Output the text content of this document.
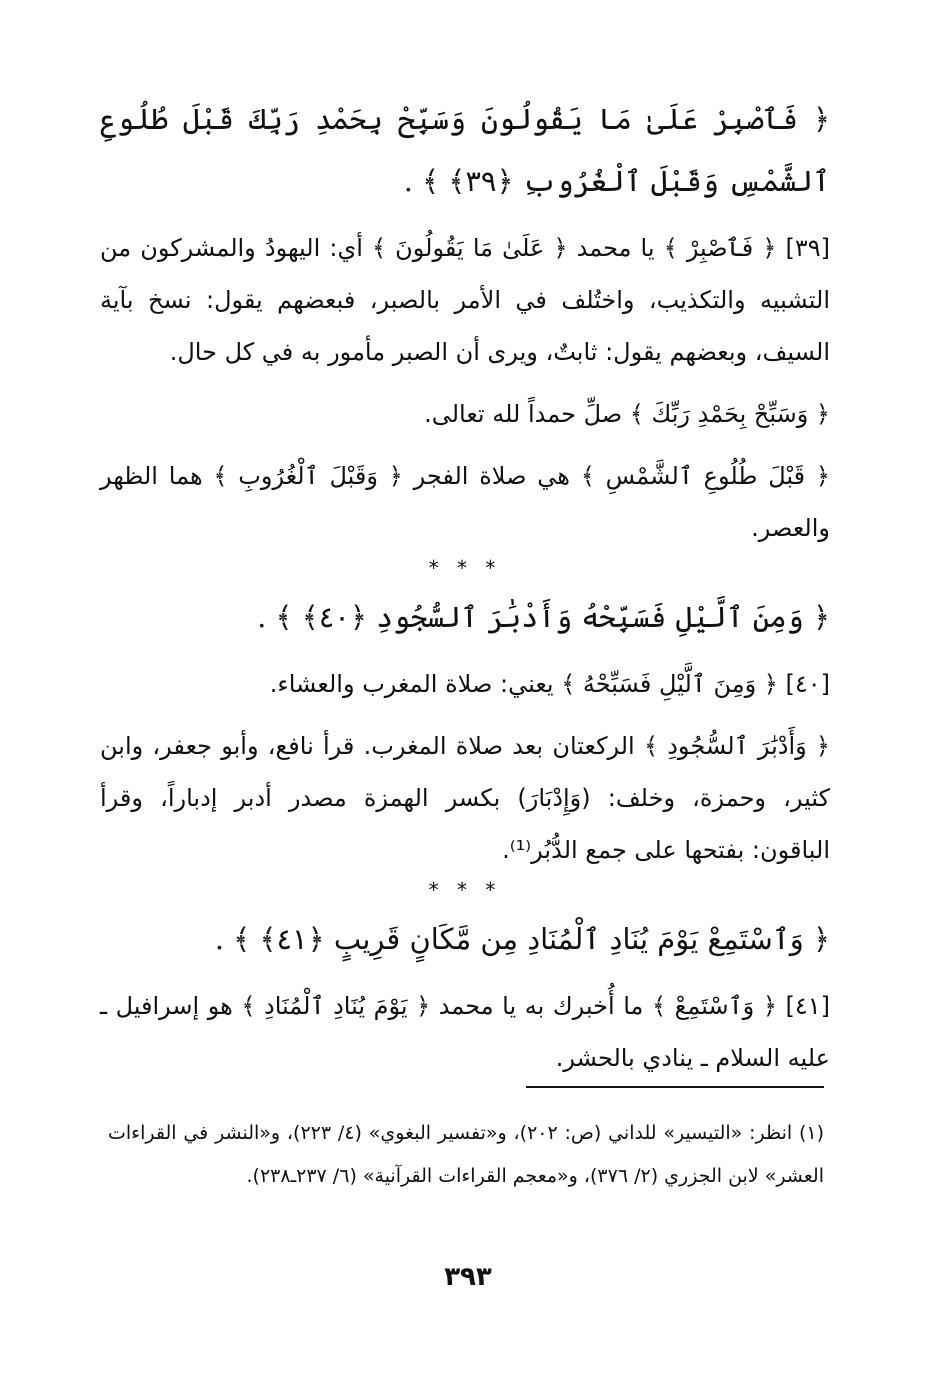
﴿ فَٱصْبِرْ عَلَىٰ مَا يَقُولُونَ وَسَبِّحْ بِحَمْدِ رَبِّكَ قَبْلَ طُلُوعِ ٱلشَّمْسِ وَقَبْلَ ٱلْغُرُوبِ ﴿٣٩﴾ ﴾ .

[٣٩] ﴿ فَٱصْبِرْ ﴾ يا محمد ﴿ عَلَىٰ مَا يَقُولُونَ ﴾ أي: اليهودُ والمشركون من التشبيه والتكذيب، واختُلف في الأمر بالصبر، فبعضهم يقول: نسخ بآية السيف، وبعضهم يقول: ثابتٌ، ويرى أن الصبر مأمور به في كل حال.

﴿ وَسَبِّحْ بِحَمْدِ رَبِّكَ ﴾ صلِّ حمداً لله تعالى.

﴿ قَبْلَ طُلُوعِ ٱلشَّمْسِ ﴾ هي صلاة الفجر ﴿ وَقَبْلَ ٱلْغُرُوبِ ﴾ هما الظهر والعصر.

* * *

﴿ وَمِنَ ٱلَّيْلِ فَسَبِّحْهُ وَأَدْبَٰرَ ٱلسُّجُودِ ﴿٤٠﴾ ﴾ .

[٤٠] ﴿ وَمِنَ ٱلَّيْلِ فَسَبِّحْهُ ﴾ يعني: صلاة المغرب والعشاء.

﴿ وَأَدْبَٰرَ ٱلسُّجُودِ ﴾ الركعتان بعد صلاة المغرب. قرأ نافع، وأبو جعفر، وابن كثير، وحمزة، وخلف: (وَإِدْبَارَ) بكسر الهمزة مصدر أدبر إدباراً، وقرأ الباقون: بفتحها على جمع الدُّبُر⁽¹⁾.

* * *

﴿ وَٱسْتَمِعْ يَوْمَ يُنَادِ ٱلْمُنَادِ مِن مَّكَانٍ قَرِيبٍ ﴿٤١﴾ ﴾ .

[٤١] ﴿ وَٱسْتَمِعْ ﴾ ما أُخبرك به يا محمد ﴿ يَوْمَ يُنَادِ ٱلْمُنَادِ ﴾ هو إسرافيل ـ عليه السلام ـ ينادي بالحشر.

(١) انظر: «التيسير» للداني (ص: ٢٠٢)، و«تفسير البغوي» (٤/ ٢٢٣)، و«النشر في القراءات العشر» لابن الجزري (٢/ ٣٧٦)، و«معجم القراءات القرآنية» (٦/ ٢٣٧ـ٢٣٨).

٣٩٣
